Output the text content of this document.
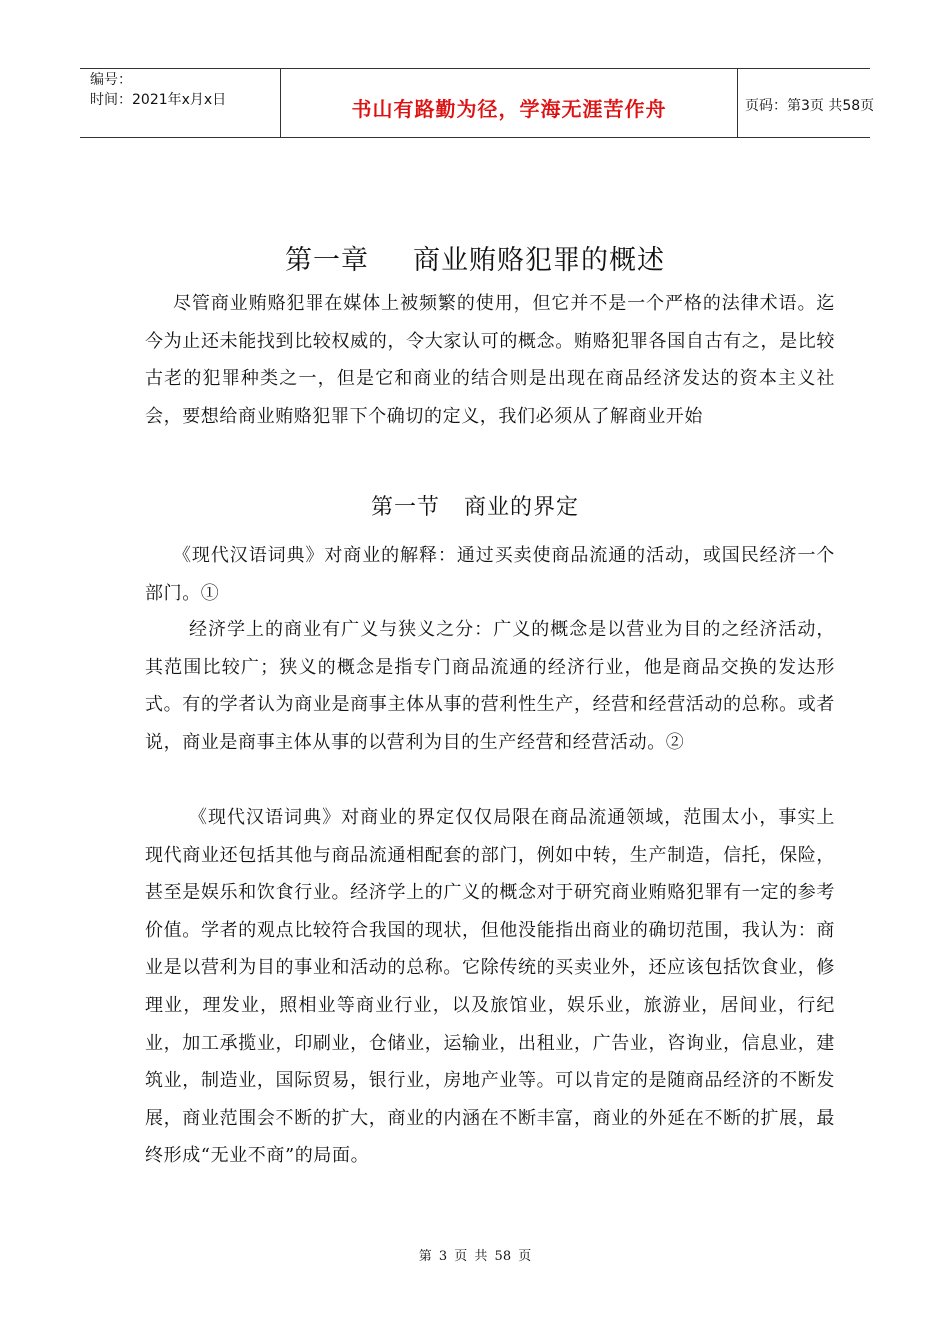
编号：
时间：2021年x月x日	书山有路勤为径，学海无涯苦作舟	页码：第3页 共58页
第一章 商业贿赂犯罪的概述

尽管商业贿赂犯罪在媒体上被频繁的使用，但它并不是一个严格的法律术语。迄今为止还未能找到比较权威的，令大家认可的概念。贿赂犯罪各国自古有之，是比较古老的犯罪种类之一，但是它和商业的结合则是出现在商品经济发达的资本主义社会，要想给商业贿赂犯罪下个确切的定义，我们必须从了解商业开始

第一节 商业的界定

《现代汉语词典》对商业的解释：通过买卖使商品流通的活动，或国民经济一个部门。①

经济学上的商业有广义与狭义之分：广义的概念是以营业为目的之经济活动，其范围比较广；狭义的概念是指专门商品流通的经济行业，他是商品交换的发达形式。有的学者认为商业是商事主体从事的营利性生产，经营和经营活动的总称。或者说，商业是商事主体从事的以营利为目的生产经营和经营活动。②

《现代汉语词典》对商业的界定仅仅局限在商品流通领域，范围太小，事实上现代商业还包括其他与商品流通相配套的部门，例如中转，生产制造，信托，保险，甚至是娱乐和饮食行业。经济学上的广义的概念对于研究商业贿赂犯罪有一定的参考价值。学者的观点比较符合我国的现状，但他没能指出商业的确切范围，我认为：商业是以营利为目的事业和活动的总称。它除传统的买卖业外，还应该包括饮食业，修理业，理发业，照相业等商业行业，以及旅馆业，娱乐业，旅游业，居间业，行纪业，加工承揽业，印刷业，仓储业，运输业，出租业，广告业，咨询业，信息业，建筑业，制造业，国际贸易，银行业，房地产业等。可以肯定的是随商品经济的不断发展，商业范围会不断的扩大，商业的内涵在不断丰富，商业的外延在不断的扩展，最终形成“无业不商”的局面。

第 3 页 共 58 页
